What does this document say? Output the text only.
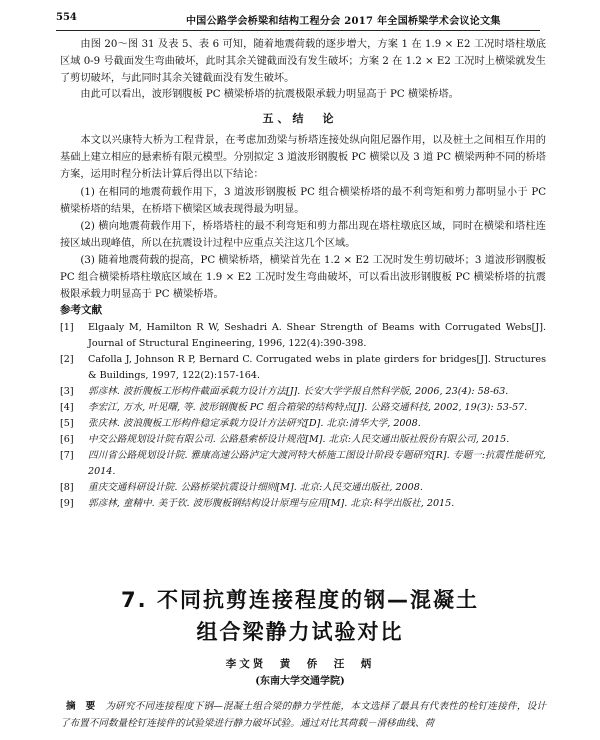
554	中国公路学会桥梁和结构工程分会 2017 年全国桥梁学术会议论文集

由图 20～图 31 及表 5、表 6 可知，随着地震荷载的逐步增大，方案 1 在 1.9 × E2 工况时塔柱墩底区域 0-9 号截面发生弯曲破坏，此时其余关键截面没有发生破坏；方案 2 在 1.2 × E2 工况时上横梁就发生了剪切破坏，与此同时其余关键截面没有发生破坏。

由此可以看出，波形钢腹板 PC 横梁桥塔的抗震极限承载力明显高于 PC 横梁桥塔。

五、结　论

本文以兴康特大桥为工程背景，在考虑加劲梁与桥塔连接处纵向阻尼器作用，以及桩土之间相互作用的基础上建立相应的悬索桥有限元模型。分别拟定 3 道波形钢腹板 PC 横梁以及 3 道 PC 横梁两种不同的桥塔方案，运用时程分析法计算后得出以下结论：

(1) 在相同的地震荷载作用下，3 道波形钢腹板 PC 组合横梁桥塔的最不利弯矩和剪力都明显小于 PC 横梁桥塔的结果，在桥塔下横梁区域表现得最为明显。

(2) 横向地震荷载作用下，桥塔塔柱的最不利弯矩和剪力都出现在塔柱墩底区域，同时在横梁和塔柱连接区域出现峰值，所以在抗震设计过程中应重点关注这几个区域。

(3) 随着地震荷载的提高，PC 横梁桥塔，横梁首先在 1.2 × E2 工况时发生剪切破坏；3 道波形钢腹板 PC 组合横梁桥塔柱墩底区域在 1.9 × E2 工况时发生弯曲破坏，可以看出波形钢腹板 PC 横梁桥塔的抗震极限承载力明显高于 PC 横梁桥塔。

参考文献
[1]	Elgaaly M, Hamilton R W, Seshadri A. Shear Strength of Beams with Corrugated Webs[J]. Journal of Structural Engineering, 1996, 122(4):390-398.
[2]	Cafolla J, Johnson R P, Bernard C. Corrugated webs in plate girders for bridges[J]. Structures & Buildings, 1997, 122(2):157-164.
[3]	郭彦林. 波折腹板工形构件截面承载力设计方法[J]. 长安大学学报自然科学版, 2006, 23(4): 58-63.
[4]	李宏江, 万水, 叶见曙, 等. 波形钢腹板 PC 组合箱梁的结构特点[J]. 公路交通科技, 2002, 19(3): 53-57.
[5]	张庆林. 波浪腹板工形构件稳定承载力设计方法研究[D]. 北京:清华大学, 2008.
[6]	中交公路规划设计院有限公司. 公路悬索桥设计规范[M]. 北京:人民交通出版社股份有限公司, 2015.
[7]	四川省公路规划设计院. 雅康高速公路泸定大渡河特大桥施工图设计阶段专题研究[R]. 专题一:抗震性能研究, 2014.
[8]	重庆交通科研设计院. 公路桥梁抗震设计细则[M]. 北京:人民交通出版社, 2008.
[9]	郭彦林, 童精中. 美于钦. 波形腹板钢结构设计原理与应用[M]. 北京:科学出版社, 2015.
7. 不同抗剪连接程度的钢—混凝土
组合梁静力试验对比
李文贤　黄　侨　汪　炳
(东南大学交通学院)

摘　要 为研究不同连接程度下钢—混凝土组合梁的静力学性能，本文选择了最具有代表性的栓钉连接件，设计了布置不同数量栓钉连接件的试验梁进行静力破坏试验。通过对比其荷载－滑移曲线、荷
